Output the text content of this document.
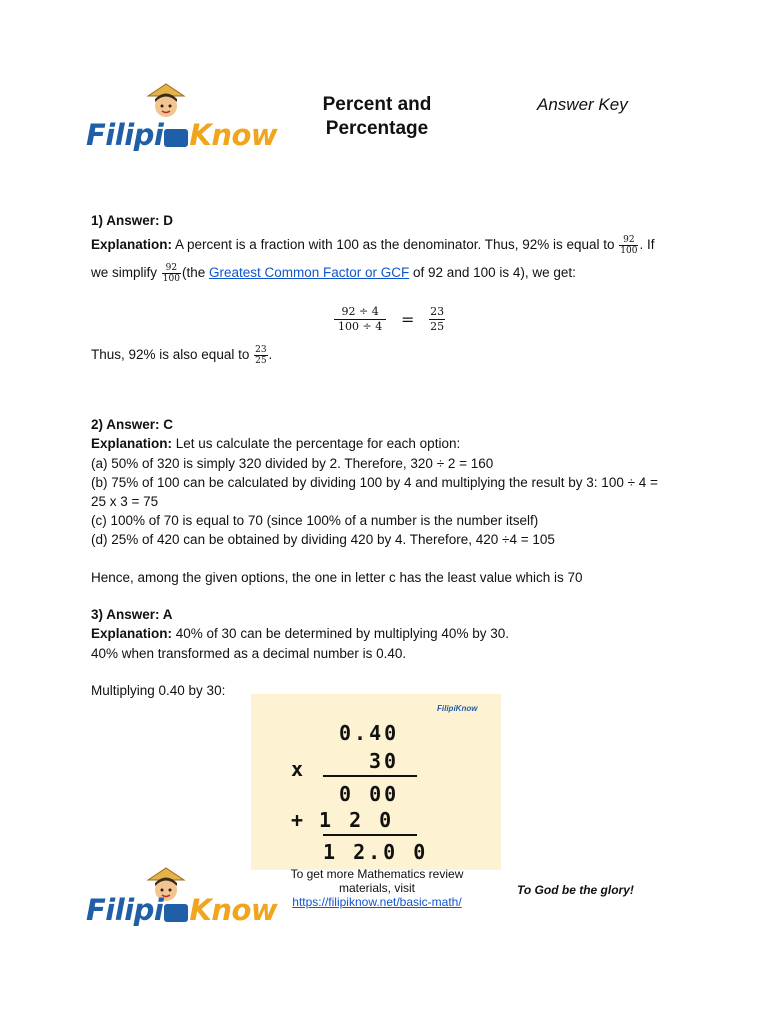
Filipi Know
Percent and
Percentage
Answer Key
1) Answer: D
Explanation: A percent is a fraction with 100 as the denominator. Thus, 92% is equal to $\frac{92}{100}$ . If
we simplify $\frac{92}{100} (the$ Greatest Common Factor or GCF of 92 and 100 is 4), we get:
$\frac{92 \div 4}{100 \div 4} = \frac{23}{25}$
Thus, 92% is also equal to $\frac{23}{25}$ .
2) Answer: C
Explanation: Let us calculate the percentage for each option:
(a) 50% of 320 is simply 320 divided by 2. Therefore, 320 ÷ 2 = 160
(b) 75% of 100 can be calculated by dividing 100 by 4 and multiplying the result by 3: 100 ÷ 4 =
25 x 3 = 75
(c) 100% of 70 is equal to 70 (since 100% of a number is the number itself)
(d) 25% of 420 can be obtained by dividing 420 by 4. Therefore, 420 ÷4 = 105
Hence, among the given options, the one in letter c has the least value which is 70
3) Answer: A
Explanation: 40% of 30 can be determined by multiplying 40% by 30.
40% when transformed as a decimal number is 0.40.
Multiplying 0.40 by 30:
FilipiKnow
0.40
x	30
0 00
+ 1 2 0
1 2.0 0
Filipi Know
To get more Mathematics review
materials, visit
https://filipiknow.net/basic-math/
To God be the glory!
